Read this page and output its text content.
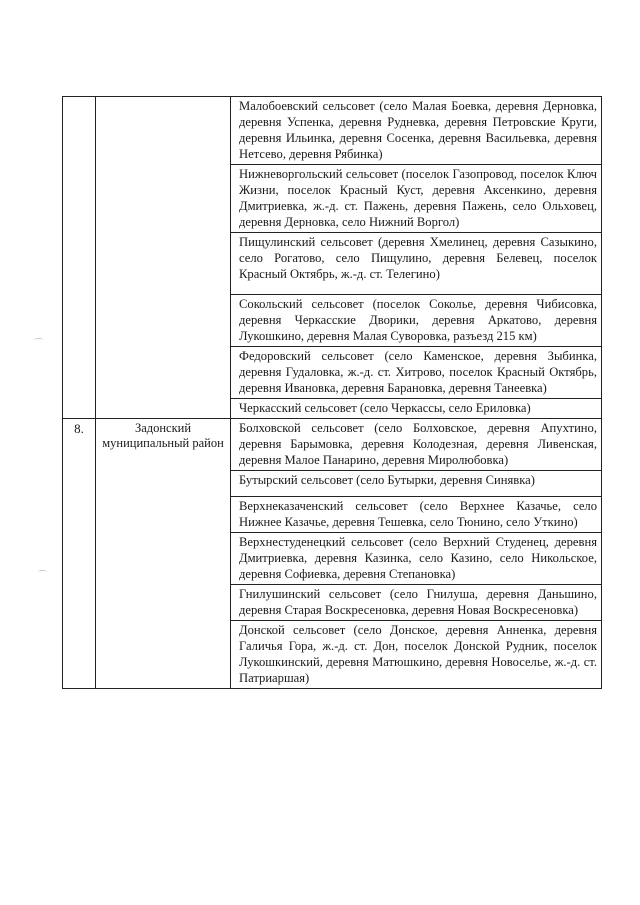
Малобоевский сельсовет (село Малая Боевка, деревня Дерновка, деревня Успенка, деревня Рудневка, деревня Петровские Круги, деревня Ильинка, деревня Сосенка, деревня Васильевка, деревня Нетсево, деревня Рябинка)
Нижневоргольский сельсовет (поселок Газопровод, поселок Ключ Жизни, поселок Красный Куст, деревня Аксенкино, деревня Дмитриевка, ж.-д. ст. Пажень, деревня Пажень, село Ольховец, деревня Дерновка, село Нижний Воргол)
Пищулинский сельсовет (деревня Хмелинец, деревня Сазыкино, село Рогатово, село Пищулино, деревня Белевец, поселок Красный Октябрь, ж.-д. ст. Телегино)
Сокольский сельсовет (поселок Соколье, деревня Чибисовка, деревня Черкасские Дворики, деревня Аркатово, деревня Лукошкино, деревня Малая Суворовка, разъезд 215 км)
Федоровский сельсовет (село Каменское, деревня Зыбинка, деревня Гудаловка, ж.-д. ст. Хитрово, поселок Красный Октябрь, деревня Ивановка, деревня Барановка, деревня Танеевка)
Черкасский сельсовет (село Черкассы, село Ериловка)
8.	Задонский муниципальный район
Болховской сельсовет (село Болховское, деревня Апухтино, деревня Барымовка, деревня Колодезная, деревня Ливенская, деревня Малое Панарино, деревня Миролюбовка)
Бутырский сельсовет (село Бутырки, деревня Синявка)
Верхнеказаченский сельсовет (село Верхнее Казачье, село Нижнее Казачье, деревня Тешевка, село Тюнино, село Уткино)
Верхнестуденецкий сельсовет (село Верхний Студенец, деревня Дмитриевка, деревня Казинка, село Казино, село Никольское, деревня Софиевка, деревня Степановка)
Гнилушинский сельсовет (село Гнилуша, деревня Даньшино, деревня Старая Воскресеновка, деревня Новая Воскресеновка)
Донской сельсовет (село Донское, деревня Анненка, деревня Галичья Гора, ж.-д. ст. Дон, поселок Донской Рудник, поселок Лукошкинский, деревня Матюшкино, деревня Новоселье, ж.-д. ст. Патриаршая)
⌒
⌒
